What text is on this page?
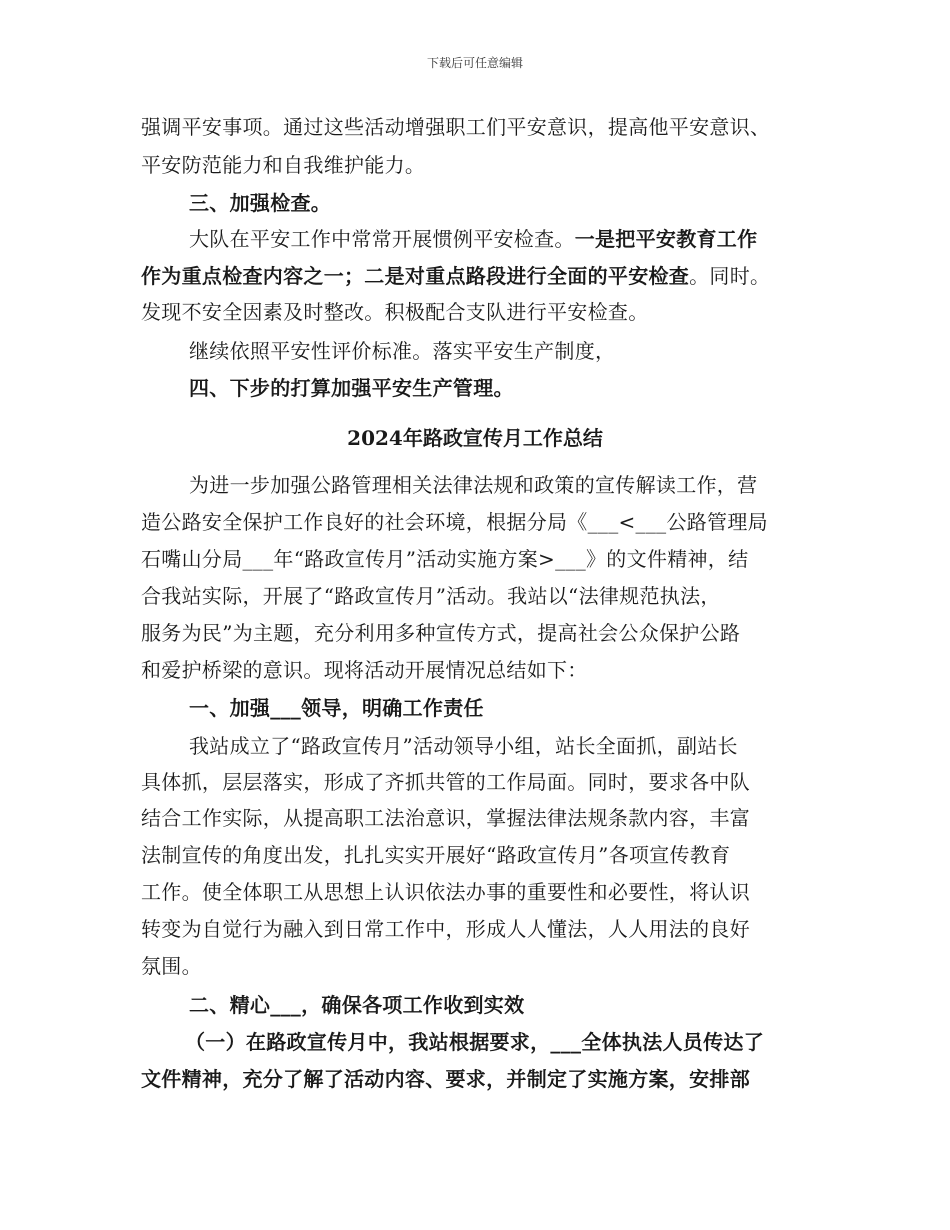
下载后可任意编辑
强调平安事项。通过这些活动增强职工们平安意识，提高他平安意识、
平安防范能力和自我维护能力。
三、加强检查。
大队在平安工作中常常开展惯例平安检查。一是把平安教育工作
作为重点检查内容之一；二是对重点路段进行全面的平安检查。同时。
发现不安全因素及时整改。积极配合支队进行平安检查。
继续依照平安性评价标准。落实平安生产制度，
四、下步的打算加强平安生产管理。
2024年路政宣传月工作总结
为进一步加强公路管理相关法律法规和政策的宣传解读工作，营
造公路安全保护工作良好的社会环境，根据分局《___<___公路管理局
石嘴山分局___年“路政宣传月”活动实施方案>___》的文件精神，结
合我站实际，开展了“路政宣传月”活动。我站以“法律规范执法，
服务为民”为主题，充分利用多种宣传方式，提高社会公众保护公路
和爱护桥梁的意识。现将活动开展情况总结如下：
一、加强___领导，明确工作责任
我站成立了“路政宣传月”活动领导小组，站长全面抓，副站长
具体抓，层层落实，形成了齐抓共管的工作局面。同时，要求各中队
结合工作实际，从提高职工法治意识，掌握法律法规条款内容，丰富
法制宣传的角度出发，扎扎实实开展好“路政宣传月”各项宣传教育
工作。使全体职工从思想上认识依法办事的重要性和必要性，将认识
转变为自觉行为融入到日常工作中，形成人人懂法，人人用法的良好
氛围。
二、精心___，确保各项工作收到实效
（一）在路政宣传月中，我站根据要求，___全体执法人员传达了
文件精神，充分了解了活动内容、要求，并制定了实施方案，安排部
